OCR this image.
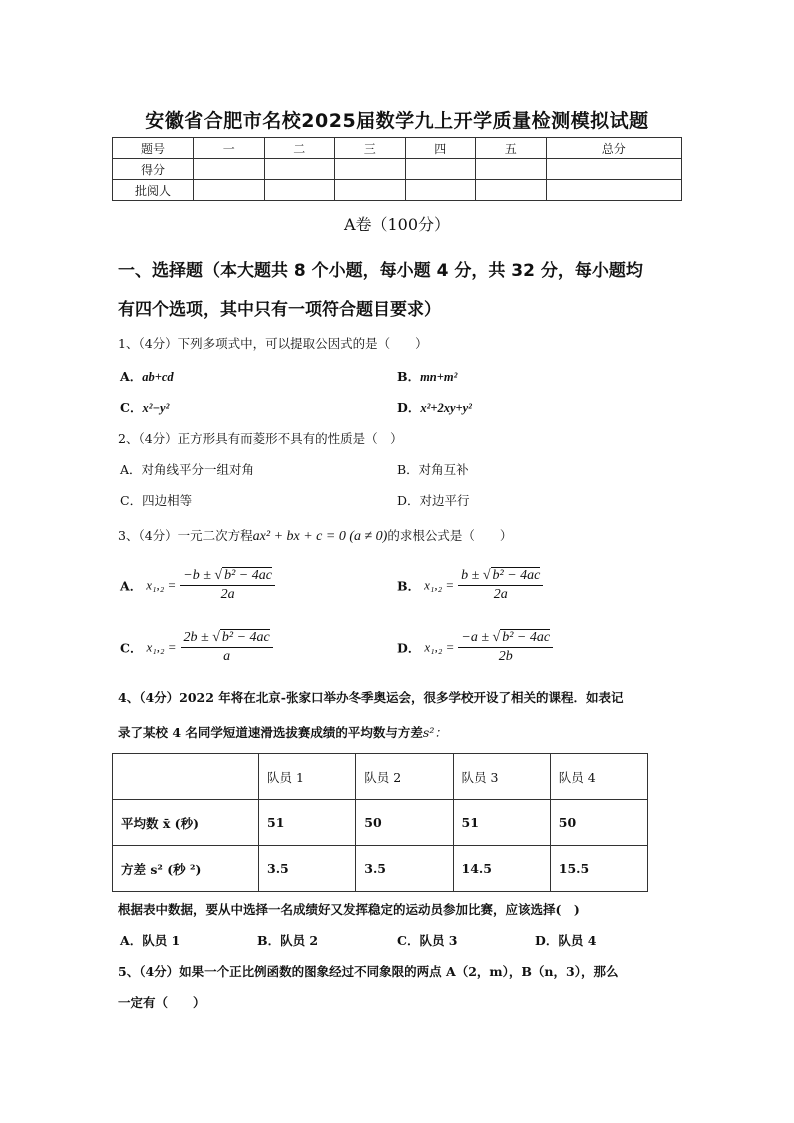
安徽省合肥市名校2025届数学九上开学质量检测模拟试题
题号	一	二	三	四	五	总分
得分						
批阅人						
A卷（100分）
一、选择题（本大题共 8 个小题，每小题 4 分，共 32 分，每小题均
有四个选项，其中只有一项符合题目要求）
1、（4分）下列多项式中，可以提取公因式的是（　　）
A．ab+cd	B．mn+m²
C．x²−y²	D．x²+2xy+y²
2、（4分）正方形具有而菱形不具有的性质是（　）
A．对角线平分一组对角	B．对角互补
C．四边相等	D．对边平行
3、（4分）一元二次方程ax² + bx + c = 0 (a ≠ 0)的求根公式是（　　）
A． $x_1,_2 = \frac{\text{−b ± √ b² − 4ac}}{2a}$	B． $x_1,_2 = \frac{\text{b ± √ b² − 4ac}}{2a}$
C． $x_1,_2 = \frac{\text{2b ± √ b² − 4ac}}{a}$	D． $x_1,_2 = \frac{\text{−a ± √ b² − 4ac}}{2b}$
4、（4分）2022 年将在北京-张家口举办冬季奥运会，很多学校开设了相关的课程．如表记
录了某校 4 名同学短道速滑选拔赛成绩的平均数与方差s²：
	队员 1	队员 2	队员 3	队员 4
平均数 x̄ (秒)	51	50	51	50
方差 s² (秒 ²)	3.5	3.5	14.5	15.5
根据表中数据，要从中选择一名成绩好又发挥稳定的运动员参加比赛，应该选择(　)
A．队员 1	B．队员 2	C．队员 3	D．队员 4
5、（4分）如果一个正比例函数的图象经过不同象限的两点 A（2，m），B（n，3），那么
一定有（　　）
